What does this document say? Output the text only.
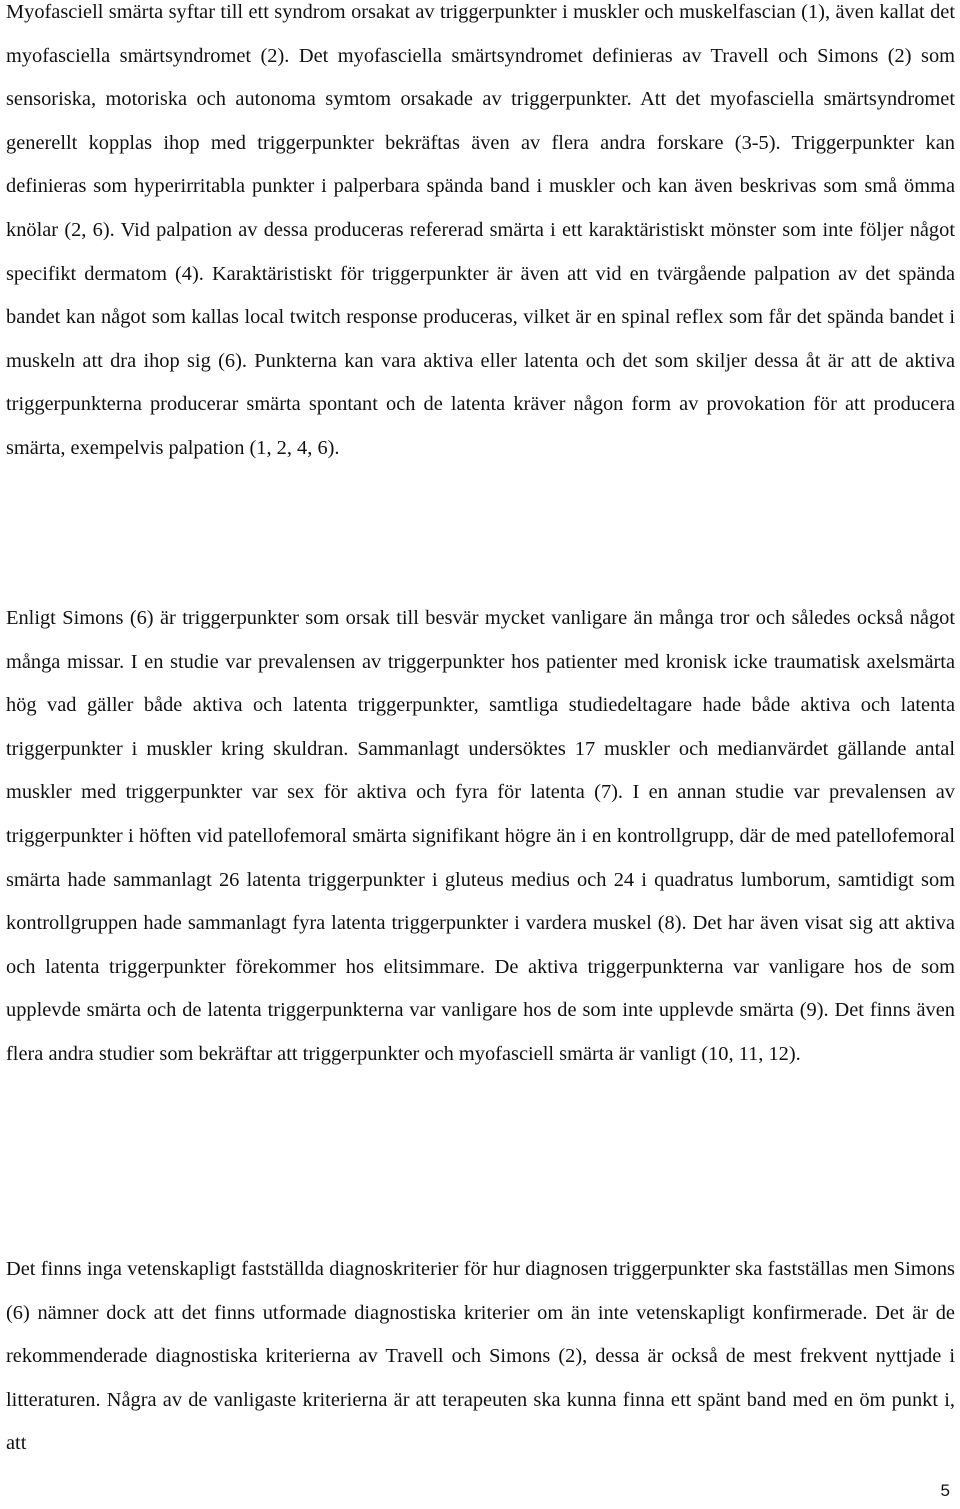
Myofasciell smärta syftar till ett syndrom orsakat av triggerpunkter i muskler och muskelfascian (1), även kallat det myofasciella smärtsyndromet (2). Det myofasciella smärtsyndromet definieras av Travell och Simons (2) som sensoriska, motoriska och autonoma symtom orsakade av triggerpunkter. Att det myofasciella smärtsyndromet generellt kopplas ihop med triggerpunkter bekräftas även av flera andra forskare (3-5). Triggerpunkter kan definieras som hyperirritabla punkter i palperbara spända band i muskler och kan även beskrivas som små ömma knölar (2, 6). Vid palpation av dessa produceras refererad smärta i ett karaktäristiskt mönster som inte följer något specifikt dermatom (4). Karaktäristiskt för triggerpunkter är även att vid en tvärgående palpation av det spända bandet kan något som kallas local twitch response produceras, vilket är en spinal reflex som får det spända bandet i muskeln att dra ihop sig (6). Punkterna kan vara aktiva eller latenta och det som skiljer dessa åt är att de aktiva triggerpunkterna producerar smärta spontant och de latenta kräver någon form av provokation för att producera smärta, exempelvis palpation (1, 2, 4, 6).

Enligt Simons (6) är triggerpunkter som orsak till besvär mycket vanligare än många tror och således också något många missar. I en studie var prevalensen av triggerpunkter hos patienter med kronisk icke traumatisk axelsmärta hög vad gäller både aktiva och latenta triggerpunkter, samtliga studiedeltagare hade både aktiva och latenta triggerpunkter i muskler kring skuldran. Sammanlagt undersöktes 17 muskler och medianvärdet gällande antal muskler med triggerpunkter var sex för aktiva och fyra för latenta (7). I en annan studie var prevalensen av triggerpunkter i höften vid patellofemoral smärta signifikant högre än i en kontrollgrupp, där de med patellofemoral smärta hade sammanlagt 26 latenta triggerpunkter i gluteus medius och 24 i quadratus lumborum, samtidigt som kontrollgruppen hade sammanlagt fyra latenta triggerpunkter i vardera muskel (8). Det har även visat sig att aktiva och latenta triggerpunkter förekommer hos elitsimmare. De aktiva triggerpunkterna var vanligare hos de som upplevde smärta och de latenta triggerpunkterna var vanligare hos de som inte upplevde smärta (9). Det finns även flera andra studier som bekräftar att triggerpunkter och myofasciell smärta är vanligt (10, 11, 12).

Det finns inga vetenskapligt fastställda diagnoskriterier för hur diagnosen triggerpunkter ska fastställas men Simons (6) nämner dock att det finns utformade diagnostiska kriterier om än inte vetenskapligt konfirmerade. Det är de rekommenderade diagnostiska kriterierna av Travell och Simons (2), dessa är också de mest frekvent nyttjade i litteraturen. Några av de vanligaste kriterierna är att terapeuten ska kunna finna ett spänt band med en öm punkt i, att

5
